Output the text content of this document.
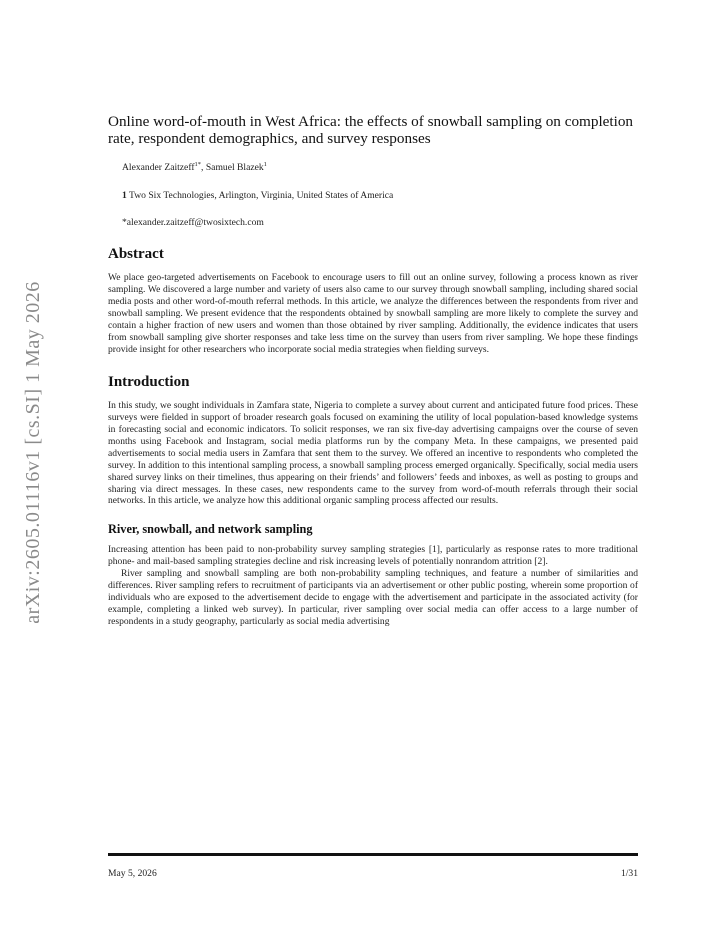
arXiv:2605.01116v1 [cs.SI] 1 May 2026
Online word-of-mouth in West Africa: the effects of snowball sampling on completion rate, respondent demographics, and survey responses
Alexander Zaitzeff$^{1*}$, Samuel Blazek$^1$
1 Two Six Technologies, Arlington, Virginia, United States of America
*alexander.zaitzeff@twosixtech.com
Abstract

We place geo-targeted advertisements on Facebook to encourage users to fill out an online survey, following a process known as river sampling. We discovered a large number and variety of users also came to our survey through snowball sampling, including shared social media posts and other word-of-mouth referral methods. In this article, we analyze the differences between the respondents from river and snowball sampling. We present evidence that the respondents obtained by snowball sampling are more likely to complete the survey and contain a higher fraction of new users and women than those obtained by river sampling. Additionally, the evidence indicates that users from snowball sampling give shorter responses and take less time on the survey than users from river sampling. We hope these findings provide insight for other researchers who incorporate social media strategies when fielding surveys.

Introduction

In this study, we sought individuals in Zamfara state, Nigeria to complete a survey about current and anticipated future food prices. These surveys were fielded in support of broader research goals focused on examining the utility of local population-based knowledge systems in forecasting social and economic indicators. To solicit responses, we ran six five-day advertising campaigns over the course of seven months using Facebook and Instagram, social media platforms run by the company Meta. In these campaigns, we presented paid advertisements to social media users in Zamfara that sent them to the survey. We offered an incentive to respondents who completed the survey. In addition to this intentional sampling process, a snowball sampling process emerged organically. Specifically, social media users shared survey links on their timelines, thus appearing on their friends’ and followers’ feeds and inboxes, as well as posting to groups and sharing via direct messages. In these cases, new respondents came to the survey from word-of-mouth referrals through their social networks. In this article, we analyze how this additional organic sampling process affected our results.

River, snowball, and network sampling

Increasing attention has been paid to non-probability survey sampling strategies [1], particularly as response rates to more traditional phone- and mail-based sampling strategies decline and risk increasing levels of potentially nonrandom attrition [2].

River sampling and snowball sampling are both non-probability sampling techniques, and feature a number of similarities and differences. River sampling refers to recruitment of participants via an advertisement or other public posting, wherein some proportion of individuals who are exposed to the advertisement decide to engage with the advertisement and participate in the associated activity (for example, completing a linked web survey). In particular, river sampling over social media can offer access to a large number of respondents in a study geography, particularly as social media advertising

May 5, 2026	1/31
